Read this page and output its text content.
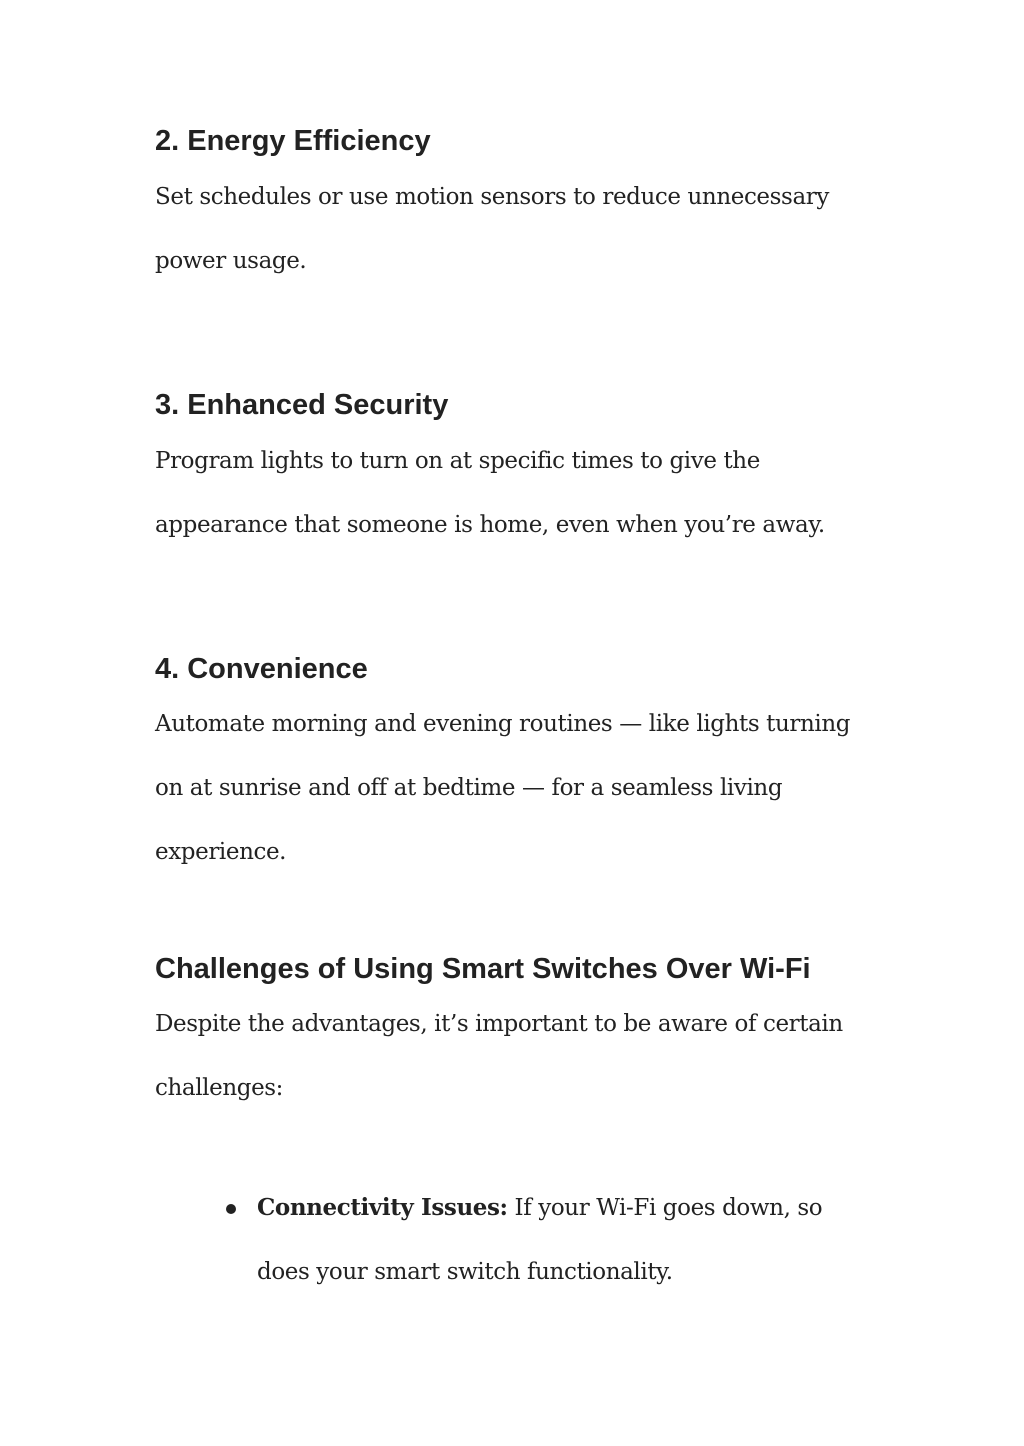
2. Energy Efficiency

Set schedules or use motion sensors to reduce unnecessary

power usage.

3. Enhanced Security

Program lights to turn on at specific times to give the

appearance that someone is home, even when you’re away.

4. Convenience

Automate morning and evening routines — like lights turning

on at sunrise and off at bedtime — for a seamless living

experience.

Challenges of Using Smart Switches Over Wi-Fi

Despite the advantages, it’s important to be aware of certain

challenges:

Connectivity Issues: If your Wi-Fi goes down, so

does your smart switch functionality.
